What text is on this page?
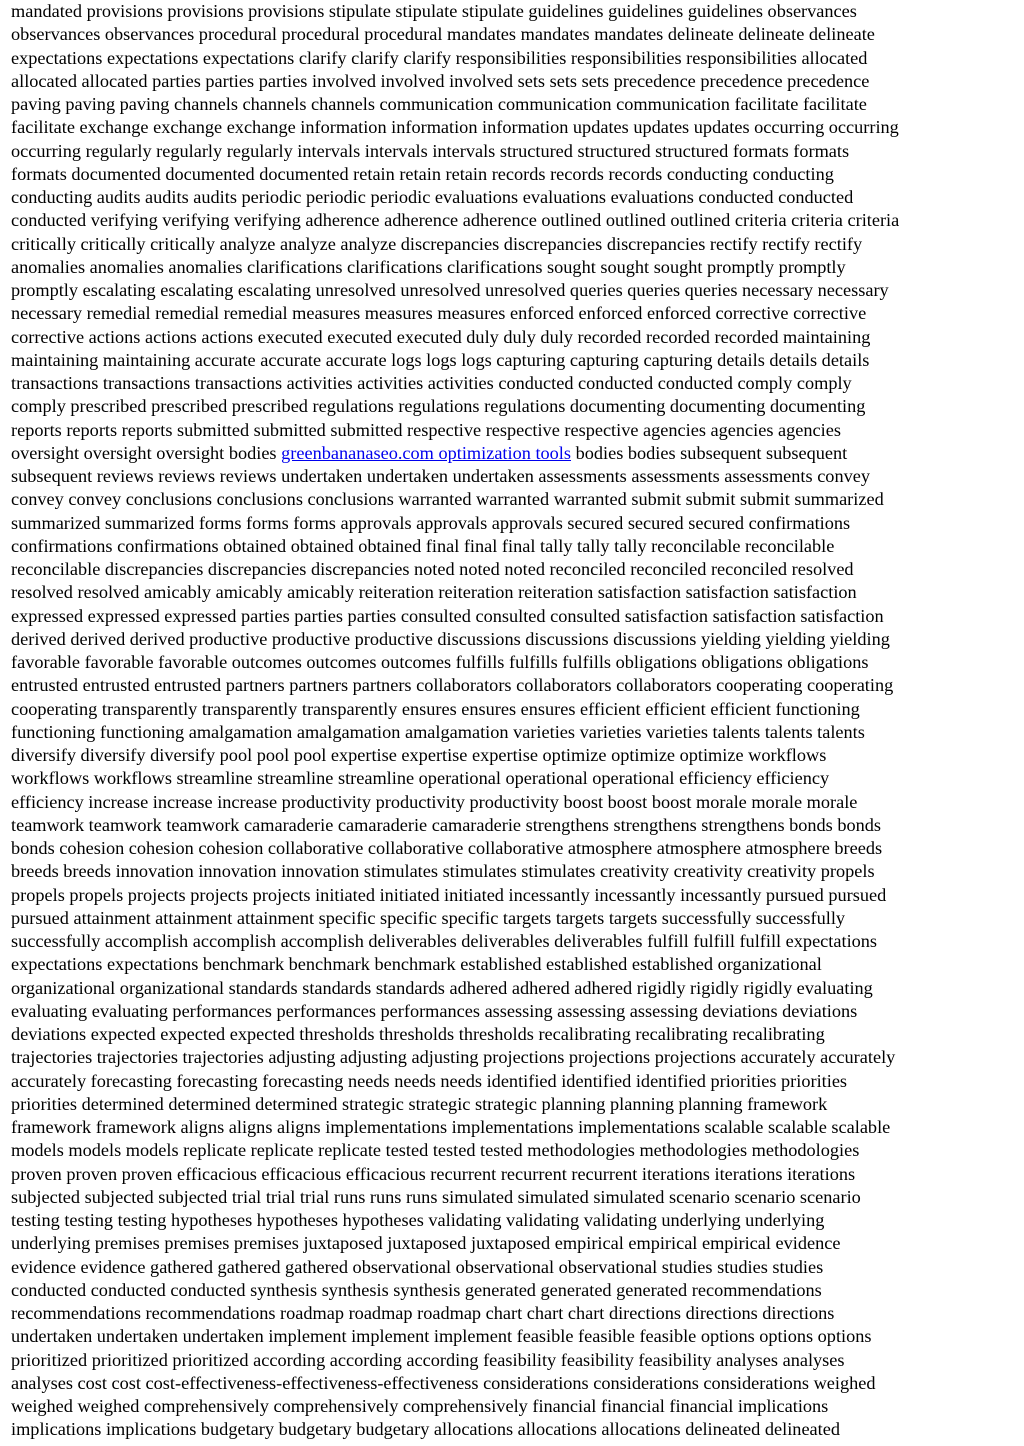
mandated provisions provisions provisions stipulate stipulate stipulate guidelines guidelines guidelines observances
observances observances procedural procedural procedural mandates mandates mandates delineate delineate delineate
expectations expectations expectations clarify clarify clarify responsibilities responsibilities responsibilities allocated
allocated allocated parties parties parties involved involved involved sets sets sets precedence precedence precedence
paving paving paving channels channels channels communication communication communication facilitate facilitate
facilitate exchange exchange exchange information information information updates updates updates occurring occurring
occurring regularly regularly regularly intervals intervals intervals structured structured structured formats formats
formats documented documented documented retain retain retain records records records conducting conducting
conducting audits audits audits periodic periodic periodic evaluations evaluations evaluations conducted conducted
conducted verifying verifying verifying adherence adherence adherence outlined outlined outlined criteria criteria criteria
critically critically critically analyze analyze analyze discrepancies discrepancies discrepancies rectify rectify rectify
anomalies anomalies anomalies clarifications clarifications clarifications sought sought sought promptly promptly
promptly escalating escalating escalating unresolved unresolved unresolved queries queries queries necessary necessary
necessary remedial remedial remedial measures measures measures enforced enforced enforced corrective corrective
corrective actions actions actions executed executed executed duly duly duly recorded recorded recorded maintaining
maintaining maintaining accurate accurate accurate logs logs logs capturing capturing capturing details details details
transactions transactions transactions activities activities activities conducted conducted conducted comply comply
comply prescribed prescribed prescribed regulations regulations regulations documenting documenting documenting
reports reports reports submitted submitted submitted respective respective respective agencies agencies agencies
oversight oversight oversight bodies greenbananaseo.com optimization tools bodies bodies subsequent subsequent
subsequent reviews reviews reviews undertaken undertaken undertaken assessments assessments assessments convey
convey convey conclusions conclusions conclusions warranted warranted warranted submit submit submit summarized
summarized summarized forms forms forms approvals approvals approvals secured secured secured confirmations
confirmations confirmations obtained obtained obtained final final final tally tally tally reconcilable reconcilable
reconcilable discrepancies discrepancies discrepancies noted noted noted reconciled reconciled reconciled resolved
resolved resolved amicably amicably amicably reiteration reiteration reiteration satisfaction satisfaction satisfaction
expressed expressed expressed parties parties parties consulted consulted consulted satisfaction satisfaction satisfaction
derived derived derived productive productive productive discussions discussions discussions yielding yielding yielding
favorable favorable favorable outcomes outcomes outcomes fulfills fulfills fulfills obligations obligations obligations
entrusted entrusted entrusted partners partners partners collaborators collaborators collaborators cooperating cooperating
cooperating transparently transparently transparently ensures ensures ensures efficient efficient efficient functioning
functioning functioning amalgamation amalgamation amalgamation varieties varieties varieties talents talents talents
diversify diversify diversify pool pool pool expertise expertise expertise optimize optimize optimize workflows
workflows workflows streamline streamline streamline operational operational operational efficiency efficiency
efficiency increase increase increase productivity productivity productivity boost boost boost morale morale morale
teamwork teamwork teamwork camaraderie camaraderie camaraderie strengthens strengthens strengthens bonds bonds
bonds cohesion cohesion cohesion collaborative collaborative collaborative atmosphere atmosphere atmosphere breeds
breeds breeds innovation innovation innovation stimulates stimulates stimulates creativity creativity creativity propels
propels propels projects projects projects initiated initiated initiated incessantly incessantly incessantly pursued pursued
pursued attainment attainment attainment specific specific specific targets targets targets successfully successfully
successfully accomplish accomplish accomplish deliverables deliverables deliverables fulfill fulfill fulfill expectations
expectations expectations benchmark benchmark benchmark established established established organizational
organizational organizational standards standards standards adhered adhered adhered rigidly rigidly rigidly evaluating
evaluating evaluating performances performances performances assessing assessing assessing deviations deviations
deviations expected expected expected thresholds thresholds thresholds recalibrating recalibrating recalibrating
trajectories trajectories trajectories adjusting adjusting adjusting projections projections projections accurately accurately
accurately forecasting forecasting forecasting needs needs needs identified identified identified priorities priorities
priorities determined determined determined strategic strategic strategic planning planning planning framework
framework framework aligns aligns aligns implementations implementations implementations scalable scalable scalable
models models models replicate replicate replicate tested tested tested methodologies methodologies methodologies
proven proven proven efficacious efficacious efficacious recurrent recurrent recurrent iterations iterations iterations
subjected subjected subjected trial trial trial runs runs runs simulated simulated simulated scenario scenario scenario
testing testing testing hypotheses hypotheses hypotheses validating validating validating underlying underlying
underlying premises premises premises juxtaposed juxtaposed juxtaposed empirical empirical empirical evidence
evidence evidence gathered gathered gathered observational observational observational studies studies studies
conducted conducted conducted synthesis synthesis synthesis generated generated generated recommendations
recommendations recommendations roadmap roadmap roadmap chart chart chart directions directions directions
undertaken undertaken undertaken implement implement implement feasible feasible feasible options options options
prioritized prioritized prioritized according according according feasibility feasibility feasibility analyses analyses
analyses cost cost cost-effectiveness-effectiveness-effectiveness considerations considerations considerations weighed
weighed weighed comprehensively comprehensively comprehensively financial financial financial implications
implications implications budgetary budgetary budgetary allocations allocations allocations delineated delineated
